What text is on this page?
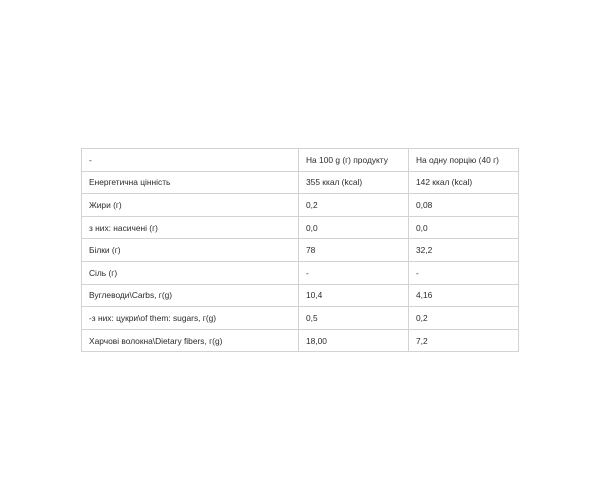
-	На 100 g (г) продукту	На одну порцію (40 г)
Енергетична цінність	355 ккал (kcal)	142 ккал (kcal)
Жири (г)	0,2	0,08
з них: насичені (г)	0,0	0,0
Білки (г)	78	32,2
Сіль (г)	-	-
Вуглеводи\Carbs, г(g)	10,4	4,16
-з них: цукри\of them: sugars, г(g)	0,5	0,2
Харчові волокна\Dietary fibers, г(g)	18,00	7,2
